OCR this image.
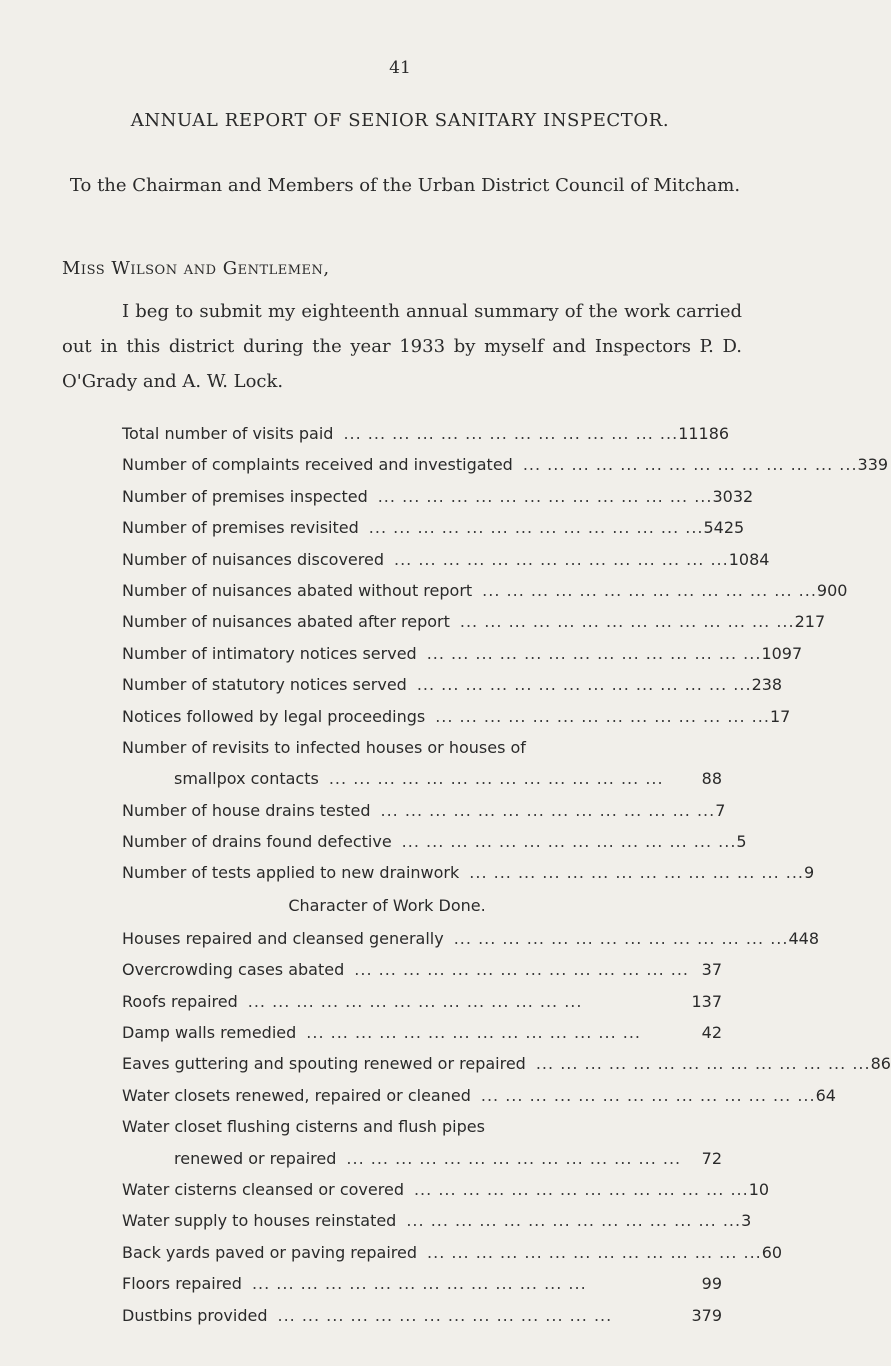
41
ANNUAL REPORT OF SENIOR SANITARY INSPECTOR.
To the Chairman and Members of the Urban District Council of Mitcham.
Miss Wilson and Gentlemen,
I beg to submit my eighteenth annual summary of the work carried out in this district during the year 1933 by myself and Inspectors P. D. O'Grady and A. W. Lock.
Total number of visits paid ... ... ... ... ... ... ... ... ... ... ... ... ... ... 11186
Number of complaints received and investigated ... ... ... ... ... ... ... ... ... ... ... ... ... ... 339
Number of premises inspected ... ... ... ... ... ... ... ... ... ... ... ... ... ... 3032
Number of premises revisited ... ... ... ... ... ... ... ... ... ... ... ... ... ... 5425
Number of nuisances discovered ... ... ... ... ... ... ... ... ... ... ... ... ... ... 1084
Number of nuisances abated without report ... ... ... ... ... ... ... ... ... ... ... ... ... ... 900
Number of nuisances abated after report ... ... ... ... ... ... ... ... ... ... ... ... ... ... 217
Number of intimatory notices served ... ... ... ... ... ... ... ... ... ... ... ... ... ... 1097
Number of statutory notices served ... ... ... ... ... ... ... ... ... ... ... ... ... ... 238
Notices followed by legal proceedings ... ... ... ... ... ... ... ... ... ... ... ... ... ... 17
Number of revisits to infected houses or houses of
smallpox contacts ... ... ... ... ... ... ... ... ... ... ... ... ... ...	88
Number of house drains tested ... ... ... ... ... ... ... ... ... ... ... ... ... ... 7
Number of drains found defective ... ... ... ... ... ... ... ... ... ... ... ... ... ... 5
Number of tests applied to new drainwork ... ... ... ... ... ... ... ... ... ... ... ... ... ... 9
Character of Work Done.
Houses repaired and cleansed generally ... ... ... ... ... ... ... ... ... ... ... ... ... ... 448
Overcrowding cases abated ... ... ... ... ... ... ... ... ... ... ... ... ... ... 37
Roofs repaired ... ... ... ... ... ... ... ... ... ... ... ... ... ...	137
Damp walls remedied ... ... ... ... ... ... ... ... ... ... ... ... ... ...	42
Eaves guttering and spouting renewed or repaired ... ... ... ... ... ... ... ... ... ... ... ... ... ... 86
Water closets renewed, repaired or cleaned ... ... ... ... ... ... ... ... ... ... ... ... ... ... 64
Water closet flushing cisterns and flush pipes
renewed or repaired ... ... ... ... ... ... ... ... ... ... ... ... ... ...	72
Water cisterns cleansed or covered ... ... ... ... ... ... ... ... ... ... ... ... ... ... 10
Water supply to houses reinstated ... ... ... ... ... ... ... ... ... ... ... ... ... ... 3
Back yards paved or paving repaired ... ... ... ... ... ... ... ... ... ... ... ... ... ... 60
Floors repaired ... ... ... ... ... ... ... ... ... ... ... ... ... ...	99
Dustbins provided ... ... ... ... ... ... ... ... ... ... ... ... ... ...	379
